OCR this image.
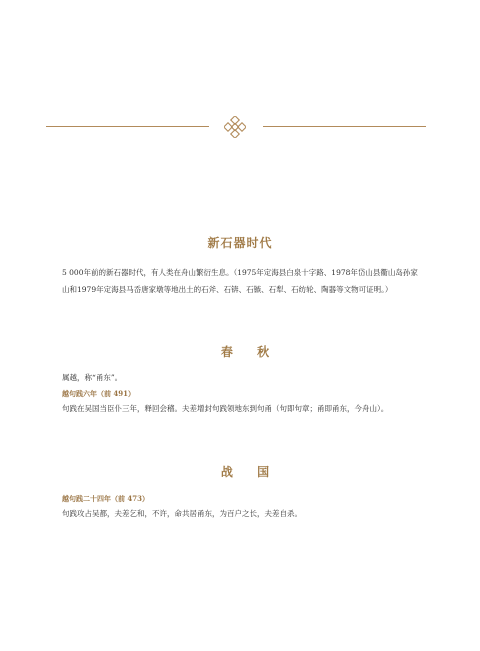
新石器时代
5 000年前的新石器时代，有人类在舟山繁衍生息。（1975年定海县白泉十字路、1978年岱山县衢山岛孙家山和1979年定海县马岙唐家墩等地出土的石斧、石锛、石镞、石犁、石纺轮、陶器等文物可证明。）
春 秋
属越，称“甬东”。
越句践六年（前 491）
句践在吴国当臣仆三年，释回会稽。夫差增封句践领地东到句甬（句即句章；甬即甬东，今舟山）。
战 国
越句践二十四年（前 473）
句践攻占吴都，夫差乞和，不许，命共居甬东，为百户之长，夫差自杀。
